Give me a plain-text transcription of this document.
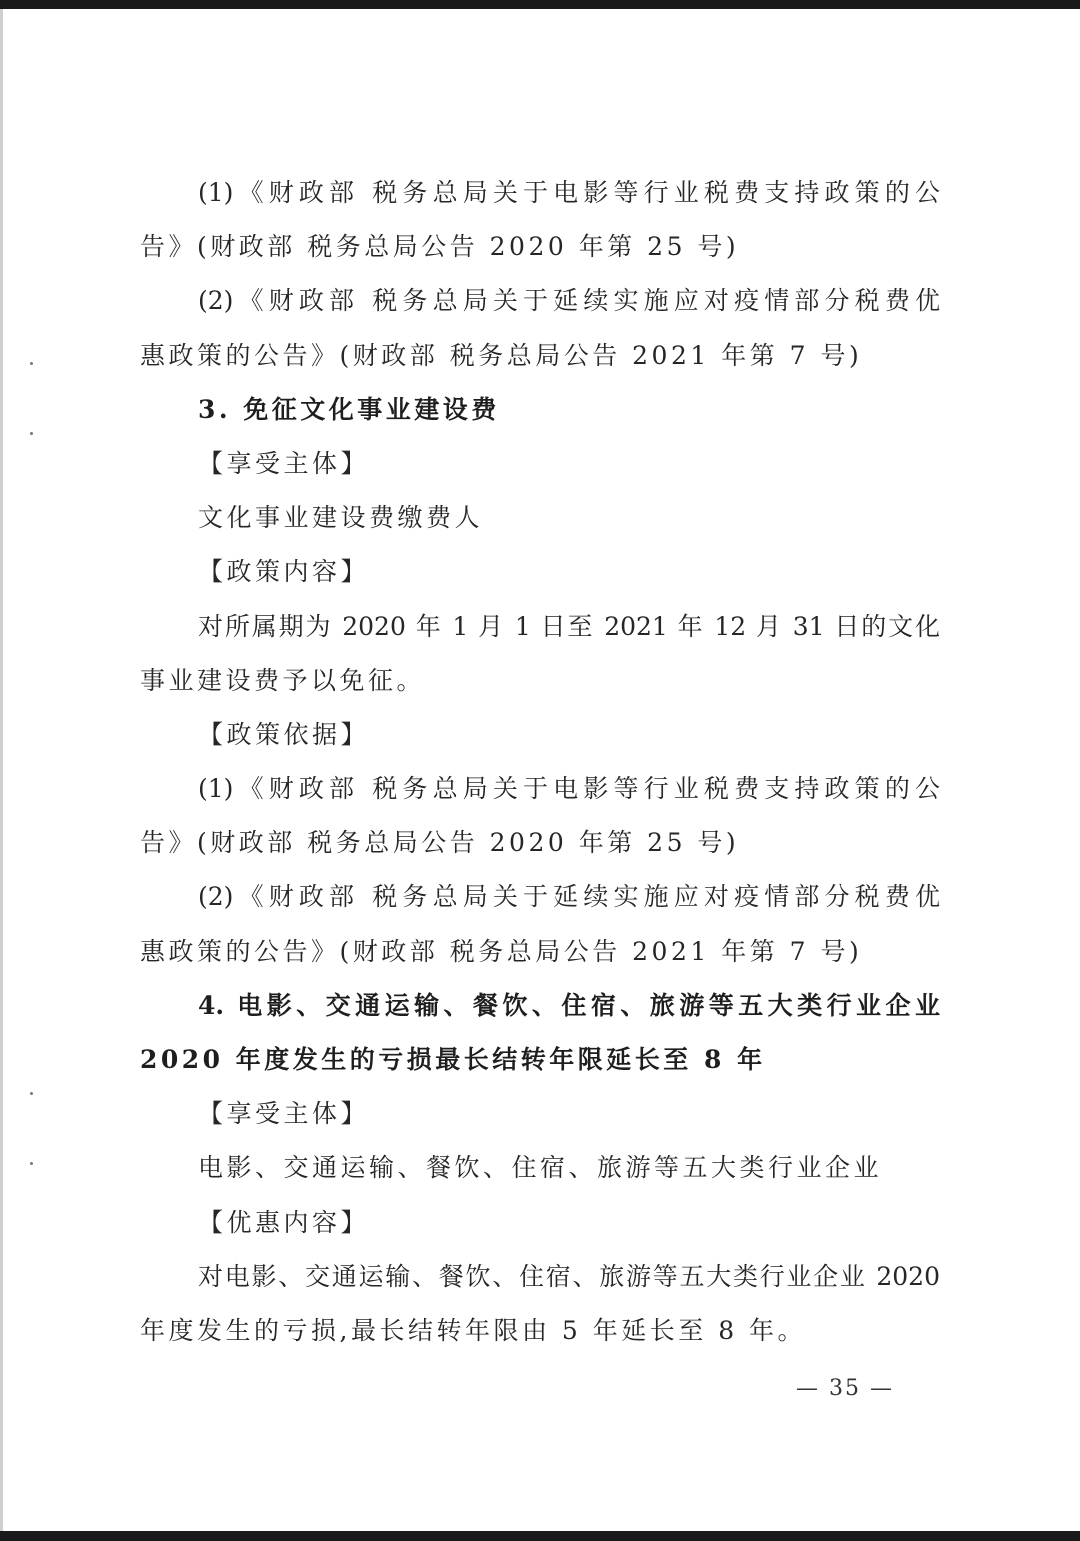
(1)《财政部 税务总局关于电影等行业税费支持政策的公
告》(财政部 税务总局公告 2020 年第 25 号)
(2)《财政部 税务总局关于延续实施应对疫情部分税费优
惠政策的公告》(财政部 税务总局公告 2021 年第 7 号)
3. 免征文化事业建设费
【享受主体】
文化事业建设费缴费人
【政策内容】
对所属期为 2020 年 1 月 1 日至 2021 年 12 月 31 日的文化
事业建设费予以免征。
【政策依据】
(1)《财政部 税务总局关于电影等行业税费支持政策的公
告》(财政部 税务总局公告 2020 年第 25 号)
(2)《财政部 税务总局关于延续实施应对疫情部分税费优
惠政策的公告》(财政部 税务总局公告 2021 年第 7 号)
4. 电影、交通运输、餐饮、住宿、旅游等五大类行业企业
2020 年度发生的亏损最长结转年限延长至 8 年
【享受主体】
电影、交通运输、餐饮、住宿、旅游等五大类行业企业
【优惠内容】
对电影、交通运输、餐饮、住宿、旅游等五大类行业企业 2020
年度发生的亏损,最长结转年限由 5 年延长至 8 年。
— 35 —
